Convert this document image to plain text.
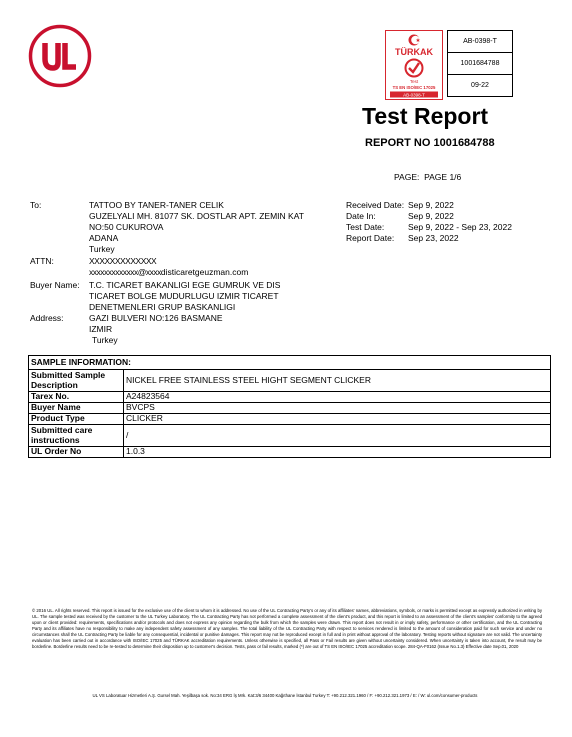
TÜRKAK
Test
TS EN ISO/IEC 17025
AB-0398-T
AB-0398-T
1001684788
09-22
Test Report
REPORT NO 1001684788
PAGE: PAGE 1/6
To:	TATTOO BY TANER-TANER CELIK
GUZELYALI MH. 81077 SK. DOSTLAR APT. ZEMIN KAT
NO:50 CUKUROVA
ADANA
Turkey
Received Date: Sep 9, 2022
Date In:	Sep 9, 2022
Test Date:	Sep 9, 2022 - Sep 23, 2022
Report Date: Sep 23, 2022
ATTN:	XXXXXXXXXXXXX
xxxxxxxxxxxxx@xxxxdisticaretgeuzman.com
Buyer Name: T.C. TICARET BAKANLIGI EGE GUMRUK VE DIS
TICARET BOLGE MUDURLUGU IZMIR TICARET
DENETMENLERI GRUP BASKANLIGI
Address:	GAZI BULVERI NO:126 BASMANE
IZMIR
Turkey
SAMPLE INFORMATION:	
Submitted Sample Description	NICKEL FREE STAINLESS STEEL HIGHT SEGMENT CLICKER
Tarex No.	A24823564
Buyer Name	BVCPS
Product Type	CLICKER
Submitted care instructions	/
UL Order No	1.0.3
© 2016 UL. All rights reserved. This report is issued for the exclusive use of the client to whom it is addressed. No use of the UL Contracting Party's or any of its affiliates' names, abbreviations, symbols, or marks is permitted except as expressly authorized in writing by UL. The sample tested was received by the customer to the UL Turkey Laboratory. The UL Contracting Party has not performed a complete assessment of the client's product, and this report is limited to an assessment of the client's samples' conformity to the agreed upon or client provided: requirements, specifications and/or protocols and does not express any opinion regarding the bulk from which the samples were drawn. This report does not result in or imply safety, performance or other certification, and the UL Contracting Party and its affiliates have no responsibility to make any independent safety assessment of any samples. The total liability of the UL Contracting Party with respect to services rendered is limited to the amount of consideration paid for such service and under no circumstances shall the UL Contracting Party be liable for any consequential, incidental or punitive damages. This report may not be reproduced except in full and in print without approval of the laboratory. Testing reports without signature are not valid. The uncertainty evaluation has been carried out in accordance with ISO/IEC 17025 and TÜRKAK accreditation requirements. Unless otherwise is specified, all Pass or Fail results are given without uncertainty considered. When uncertainty is taken into account, the result may be borderline. Borderline results need to be re-tested to determine their disposition up to customer's decision. Tests, pass or fail results, marked (*) are out of TS EN ISO/IEC 17025 accreditation scope. 284-QA-F0162 (Issue No.1.3) Effective date Sep.01, 2020
UL VS Laboratuar Hizmetleri A.Ş. Gursel Mah. Yeşilbaşa sok. No:34 ERG İş Mrk. Kat:3/6 34400 Kağıthane İstanbul Turkey T: +90.212.321.1960 / F: +90.212.321.1973 / E: / W: ul.com/consumer-products
